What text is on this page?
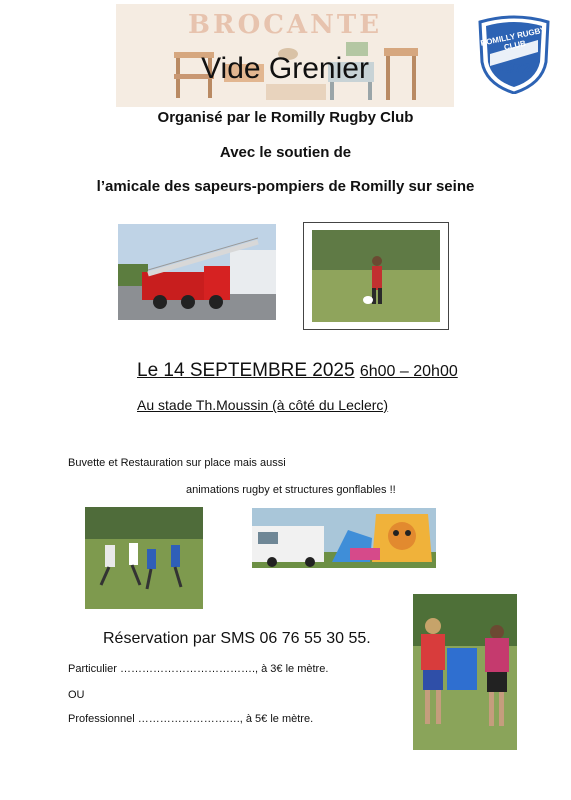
BROCANTE
Vide Grenier
ROMILLY RUGBY CLUB
1972
Organisé par le Romilly Rugby Club
Avec le soutien de
l’amicale des sapeurs-pompiers de Romilly sur seine
Le 14 SEPTEMBRE 2025 6h00 – 20h00
Au stade Th.Moussin (à côté du Leclerc)
Buvette et Restauration sur place mais aussi
animations rugby et structures gonflables !!
Réservation par SMS 06 76 55 30 55.
Particulier ………………………………., à 3€ le mètre.
OU
Professionnel ………………………., à 5€ le mètre.
